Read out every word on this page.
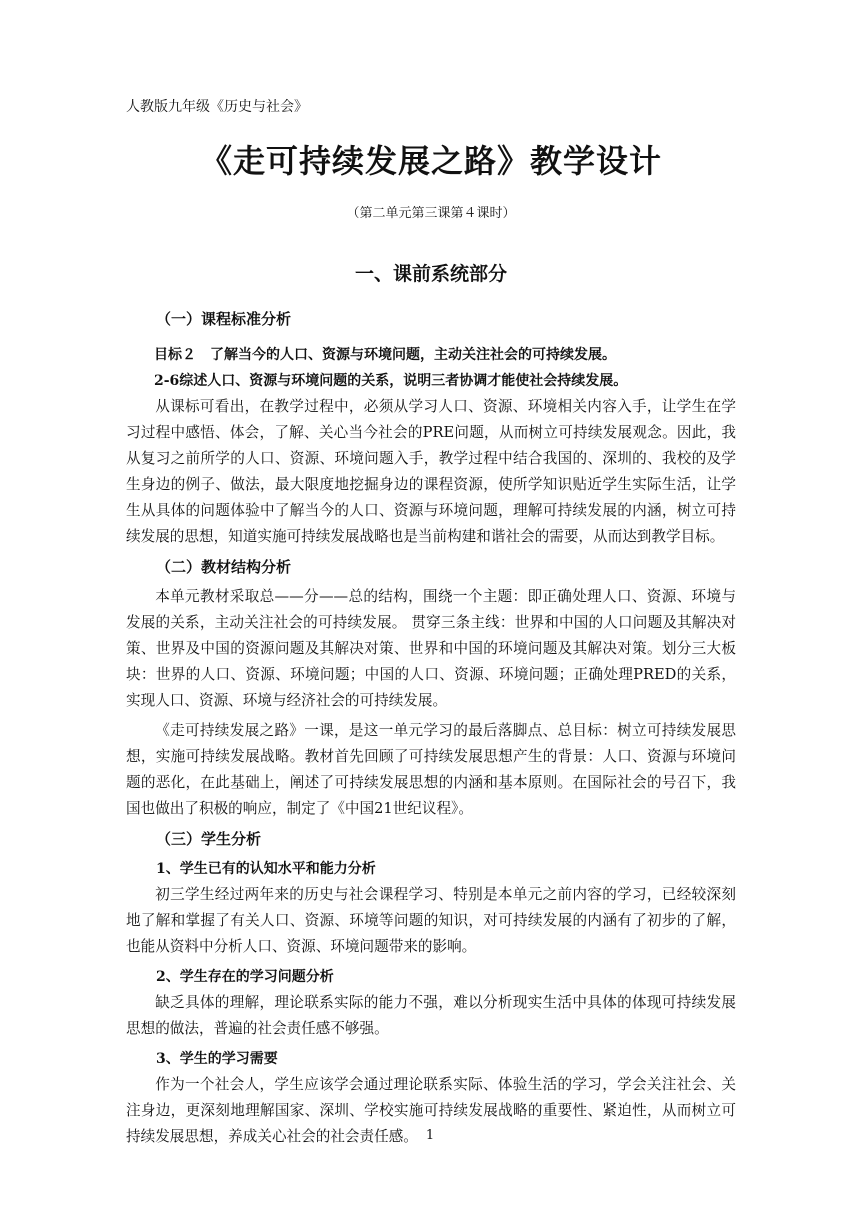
人教版九年级《历史与社会》
《走可持续发展之路》教学设计
（第二单元第三课第４课时）
一、课前系统部分
（一）课程标准分析
目标２　了解当今的人口、资源与环境问题，主动关注社会的可持续发展。
2-6综述人口、资源与环境问题的关系，说明三者协调才能使社会持续发展。

从课标可看出，在教学过程中，必须从学习人口、资源、环境相关内容入手，让学生在学习过程中感悟、体会，了解、关心当今社会的PRE问题，从而树立可持续发展观念。因此，我从复习之前所学的人口、资源、环境问题入手，教学过程中结合我国的、深圳的、我校的及学生身边的例子、做法，最大限度地挖掘身边的课程资源，使所学知识贴近学生实际生活，让学生从具体的问题体验中了解当今的人口、资源与环境问题，理解可持续发展的内涵，树立可持续发展的思想，知道实施可持续发展战略也是当前构建和谐社会的需要，从而达到教学目标。

（二）教材结构分析

本单元教材采取总——分——总的结构，围绕一个主题：即正确处理人口、资源、环境与发展的关系，主动关注社会的可持续发展。 贯穿三条主线：世界和中国的人口问题及其解决对策、世界及中国的资源问题及其解决对策、世界和中国的环境问题及其解决对策。划分三大板块：世界的人口、资源、环境问题；中国的人口、资源、环境问题；正确处理PRED的关系，实现人口、资源、环境与经济社会的可持续发展。

《走可持续发展之路》一课，是这一单元学习的最后落脚点、总目标：树立可持续发展思想，实施可持续发展战略。教材首先回顾了可持续发展思想产生的背景：人口、资源与环境问题的恶化，在此基础上，阐述了可持续发展思想的内涵和基本原则。在国际社会的号召下，我国也做出了积极的响应，制定了《中国21世纪议程》。

（三）学生分析
1、学生已有的认知水平和能力分析

初三学生经过两年来的历史与社会课程学习、特别是本单元之前内容的学习，已经较深刻地了解和掌握了有关人口、资源、环境等问题的知识，对可持续发展的内涵有了初步的了解，也能从资料中分析人口、资源、环境问题带来的影响。

2、学生存在的学习问题分析

缺乏具体的理解，理论联系实际的能力不强，难以分析现实生活中具体的体现可持续发展思想的做法，普遍的社会责任感不够强。

3、学生的学习需要

作为一个社会人，学生应该学会通过理论联系实际、体验生活的学习，学会关注社会、关注身边，更深刻地理解国家、深圳、学校实施可持续发展战略的重要性、紧迫性，从而树立可持续发展思想，养成关心社会的社会责任感。 1
